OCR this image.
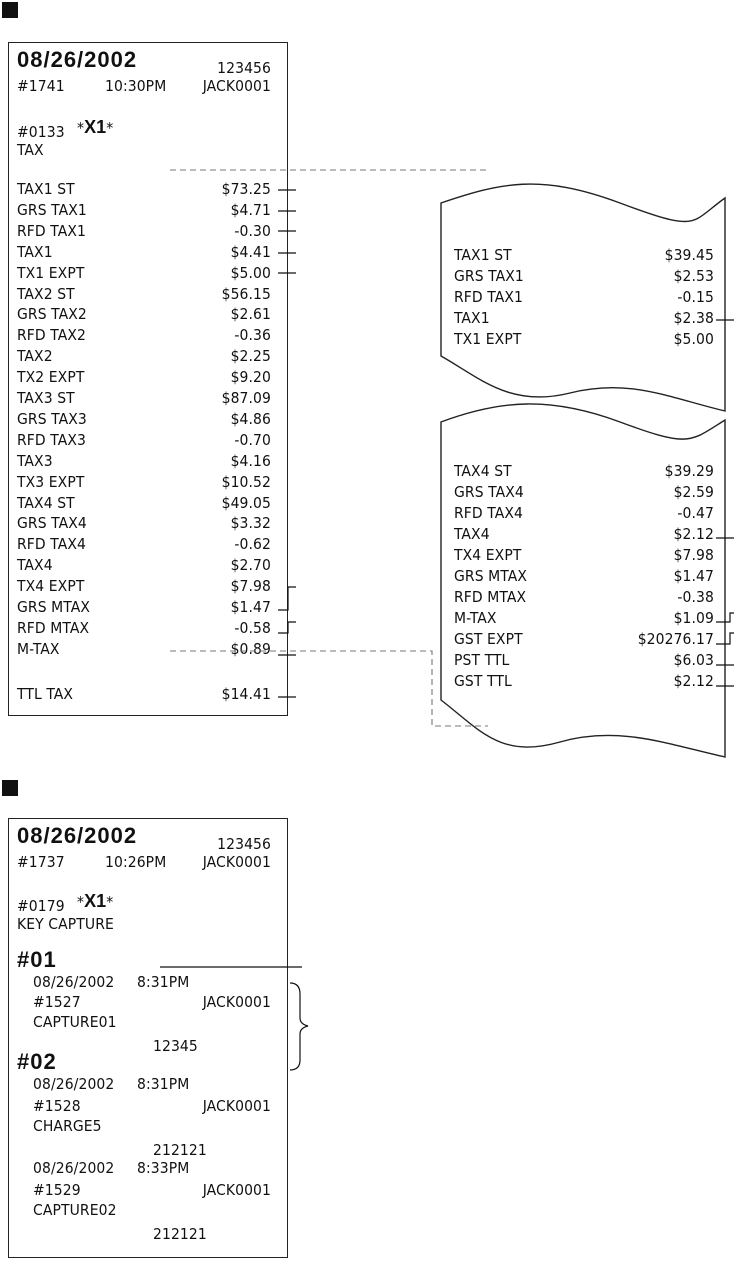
08/26/2002	123456
#1741	10:30PM JACK0001
#0133 *X1*
TAX
TAX1 ST	$73.25
GRS TAX1	$4.71
RFD TAX1	-0.30
TAX1	$4.41
TX1 EXPT	$5.00
TAX2 ST	$56.15
GRS TAX2	$2.61
RFD TAX2	-0.36
TAX2	$2.25
TX2 EXPT	$9.20
TAX3 ST	$87.09
GRS TAX3	$4.86
RFD TAX3	-0.70
TAX3	$4.16
TX3 EXPT	$10.52
TAX4 ST	$49.05
GRS TAX4	$3.32
RFD TAX4	-0.62
TAX4	$2.70
TX4 EXPT	$7.98
GRS MTAX	$1.47
RFD MTAX	-0.58
M-TAX	$0.89
TTL TAX	$14.41
TAX1 ST	$39.45
GRS TAX1	$2.53
RFD TAX1	-0.15
TAX1	$2.38
TX1 EXPT	$5.00
TAX4 ST	$39.29
GRS TAX4	$2.59
RFD TAX4	-0.47
TAX4	$2.12
TX4 EXPT	$7.98
GRS MTAX	$1.47
RFD MTAX	-0.38
M-TAX	$1.09
GST EXPT	$20276.17
PST TTL	$6.03
GST TTL	$2.12
08/26/2002	123456
#1737	10:26PM JACK0001
#0179 *X1*
KEY CAPTURE
#01
08/26/2002 8:31PM
#1527	JACK0001
CAPTURE01
12345
#02
08/26/2002 8:31PM
#1528	JACK0001
CHARGE5
212121
08/26/2002 8:33PM
#1529	JACK0001
CAPTURE02
212121
